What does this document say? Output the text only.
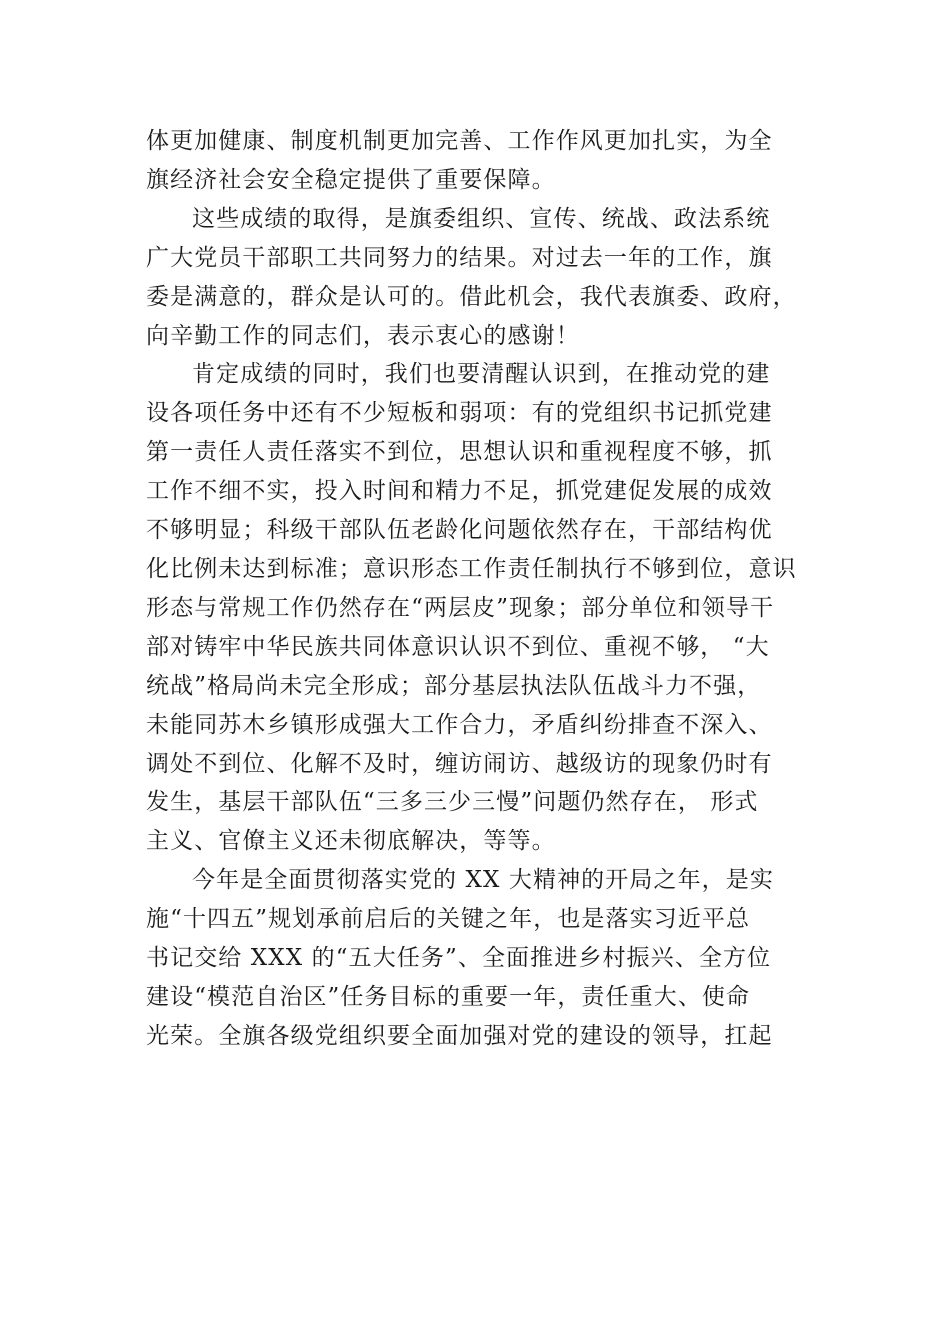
体更加健康、制度机制更加完善、工作作风更加扎实，为全
旗经济社会安全稳定提供了重要保障。

这些成绩的取得，是旗委组织、宣传、统战、政法系统
广大党员干部职工共同努力的结果。对过去一年的工作，旗
委是满意的，群众是认可的。借此机会，我代表旗委、政府，
向辛勤工作的同志们，表示衷心的感谢！

肯定成绩的同时，我们也要清醒认识到，在推动党的建
设各项任务中还有不少短板和弱项：有的党组织书记抓党建
第一责任人责任落实不到位，思想认识和重视程度不够，抓
工作不细不实，投入时间和精力不足，抓党建促发展的成效
不够明显；科级干部队伍老龄化问题依然存在，干部结构优
化比例未达到标准；意识形态工作责任制执行不够到位，意识
形态与常规工作仍然存在“两层皮”现象；部分单位和领导干
部对铸牢中华民族共同体意识认识不到位、重视不够， “大
统战”格局尚未完全形成；部分基层执法队伍战斗力不强，
未能同苏木乡镇形成强大工作合力，矛盾纠纷排查不深入、
调处不到位、化解不及时，缠访闹访、越级访的现象仍时有
发生，基层干部队伍“三多三少三慢”问题仍然存在， 形式
主义、官僚主义还未彻底解决，等等。

今年是全面贯彻落实党的 XX 大精神的开局之年，是实
施“十四五”规划承前启后的关键之年，也是落实习近平总
书记交给 XXX 的“五大任务”、全面推进乡村振兴、全方位
建设“模范自治区”任务目标的重要一年，责任重大、使命
光荣。全旗各级党组织要全面加强对党的建设的领导，扛起
